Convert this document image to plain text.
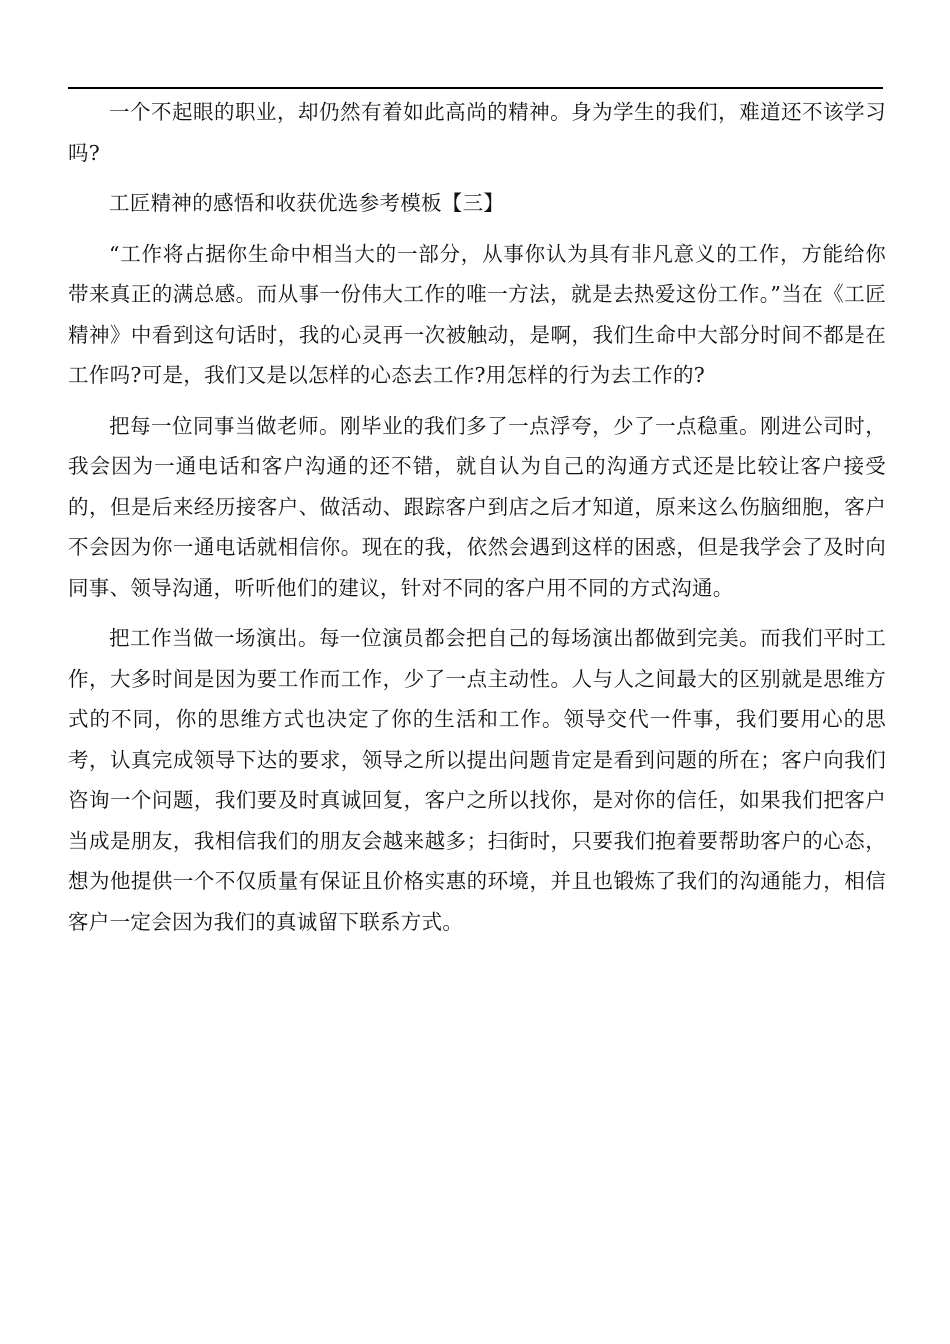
一个不起眼的职业，却仍然有着如此高尚的精神。身为学生的我们，难道还不该学习吗?

工匠精神的感悟和收获优选参考模板【三】

“工作将占据你生命中相当大的一部分，从事你认为具有非凡意义的工作，方能给你带来真正的满总感。而从事一份伟大工作的唯一方法，就是去热爱这份工作。”当在《工匠精神》中看到这句话时，我的心灵再一次被触动，是啊，我们生命中大部分时间不都是在工作吗?可是，我们又是以怎样的心态去工作?用怎样的行为去工作的?

把每一位同事当做老师。刚毕业的我们多了一点浮夸，少了一点稳重。刚进公司时，我会因为一通电话和客户沟通的还不错，就自认为自己的沟通方式还是比较让客户接受的，但是后来经历接客户、做活动、跟踪客户到店之后才知道，原来这么伤脑细胞，客户不会因为你一通电话就相信你。现在的我，依然会遇到这样的困惑，但是我学会了及时向同事、领导沟通，听听他们的建议，针对不同的客户用不同的方式沟通。

把工作当做一场演出。每一位演员都会把自己的每场演出都做到完美。而我们平时工作，大多时间是因为要工作而工作，少了一点主动性。人与人之间最大的区别就是思维方式的不同，你的思维方式也决定了你的生活和工作。领导交代一件事，我们要用心的思考，认真完成领导下达的要求，领导之所以提出问题肯定是看到问题的所在；客户向我们咨询一个问题，我们要及时真诚回复，客户之所以找你，是对你的信任，如果我们把客户当成是朋友，我相信我们的朋友会越来越多；扫街时，只要我们抱着要帮助客户的心态，想为他提供一个不仅质量有保证且价格实惠的环境，并且也锻炼了我们的沟通能力，相信客户一定会因为我们的真诚留下联系方式。
